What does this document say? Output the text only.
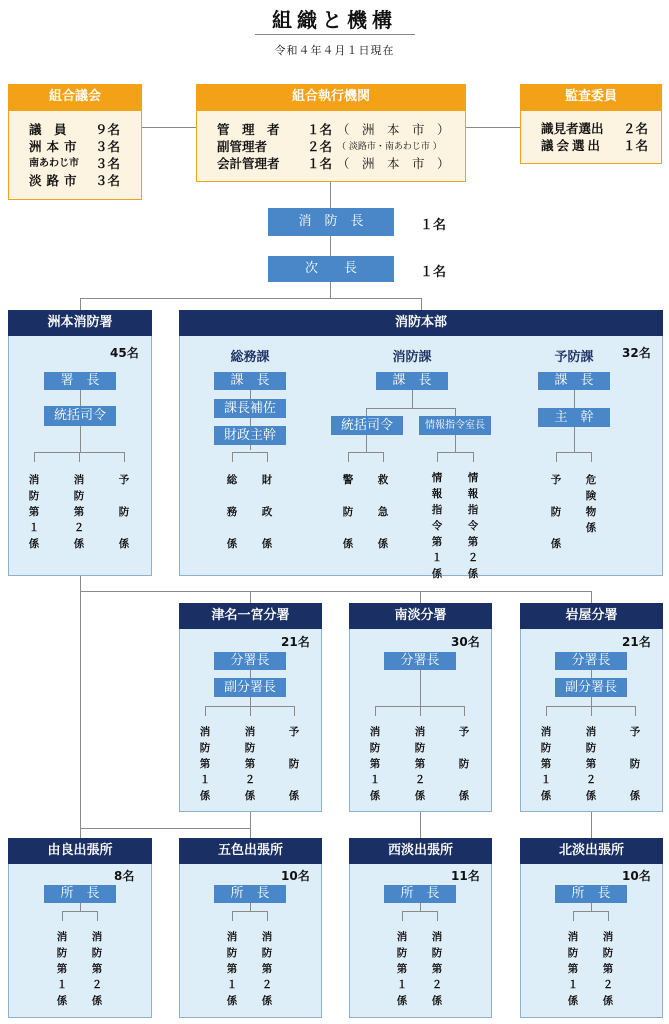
組織と機構
令和４年４月１日現在
組合議会
議　員	９名
洲本市 ３名
南あわじ市 ３名
淡路市 ３名
組合執行機関
管　理　者 １名 （　洲　本　市　）
副管理者	２名 （ 淡路市・南あわじ市 ）
会計管理者 １名 （　洲　本　市　）
監査委員
識見者選出 ２名
議会選出 １名
消　防　長	１名
次　　長	１名
洲本消防署
45名
署　長
統括司令
消
防
第
１
係
消
防
第
２
係
予

防

係
消防本部
32名
総務課
課　長
課長補佐
財政主幹
総

務

係
財

政

係
消防課
課　長
統括司令	情報指令室長
警

防

係
救

急

係
情
報
指
令
第
１
係
情
報
指
令
第
２
係
予防課
課　長
主　幹
予

防

係
危
険
物
係
津名一宮分署
21名
分署長
副分署長
消
防
第
１
係
消
防
第
２
係
予

防

係
南淡分署
30名
分署長
消
防
第
１
係
消
防
第
２
係
予

防

係
岩屋分署
21名
分署長
副分署長
消
防
第
１
係
消
防
第
２
係
予

防

係
由良出張所
8名
所　長
消
防
第
１
係
消
防
第
２
係
五色出張所
10名
所　長
消
防
第
１
係
消
防
第
２
係
西淡出張所
11名
所　長
消
防
第
１
係
消
防
第
２
係
北淡出張所
10名
所　長
消
防
第
１
係
消
防
第
２
係
